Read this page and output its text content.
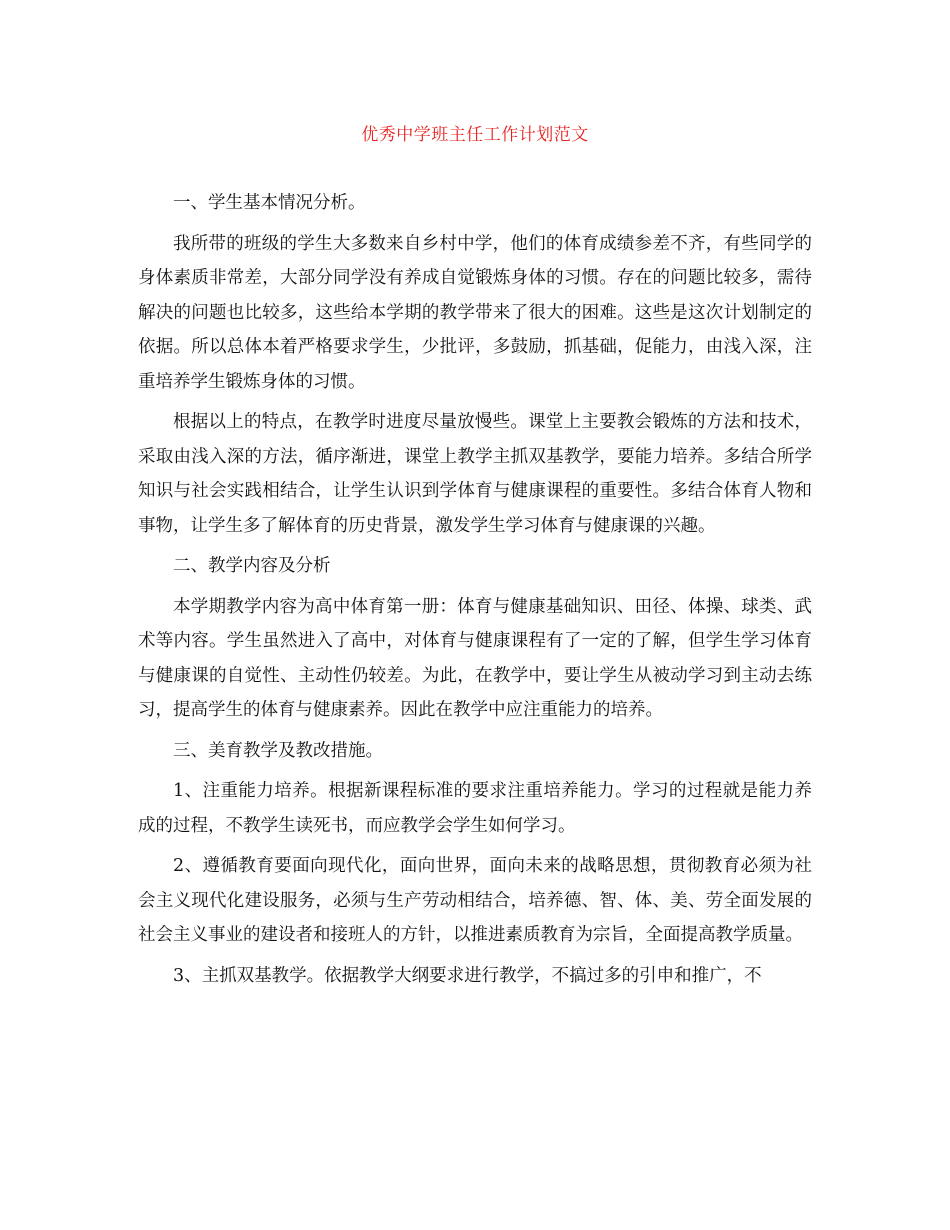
优秀中学班主任工作计划范文

一、学生基本情况分析。

我所带的班级的学生大多数来自乡村中学，他们的体育成绩参差不齐，有些同学的身体素质非常差，大部分同学没有养成自觉锻炼身体的习惯。存在的问题比较多，需待解决的问题也比较多，这些给本学期的教学带来了很大的困难。这些是这次计划制定的依据。所以总体本着严格要求学生，少批评，多鼓励，抓基础，促能力，由浅入深，注重培养学生锻炼身体的习惯。

根据以上的特点，在教学时进度尽量放慢些。课堂上主要教会锻炼的方法和技术，采取由浅入深的方法，循序渐进，课堂上教学主抓双基教学，要能力培养。多结合所学知识与社会实践相结合，让学生认识到学体育与健康课程的重要性。多结合体育人物和事物，让学生多了解体育的历史背景，激发学生学习体育与健康课的兴趣。

二、教学内容及分析

本学期教学内容为高中体育第一册：体育与健康基础知识、田径、体操、球类、武术等内容。学生虽然进入了高中，对体育与健康课程有了一定的了解，但学生学习体育与健康课的自觉性、主动性仍较差。为此，在教学中，要让学生从被动学习到主动去练习，提高学生的体育与健康素养。因此在教学中应注重能力的培养。

三、美育教学及教改措施。

1、注重能力培养。根据新课程标准的要求注重培养能力。学习的过程就是能力养成的过程，不教学生读死书，而应教学会学生如何学习。

2、遵循教育要面向现代化，面向世界，面向未来的战略思想，贯彻教育必须为社会主义现代化建设服务，必须与生产劳动相结合，培养德、智、体、美、劳全面发展的社会主义事业的建设者和接班人的方针，以推进素质教育为宗旨，全面提高教学质量。

3、主抓双基教学。依据教学大纲要求进行教学，不搞过多的引申和推广，不
